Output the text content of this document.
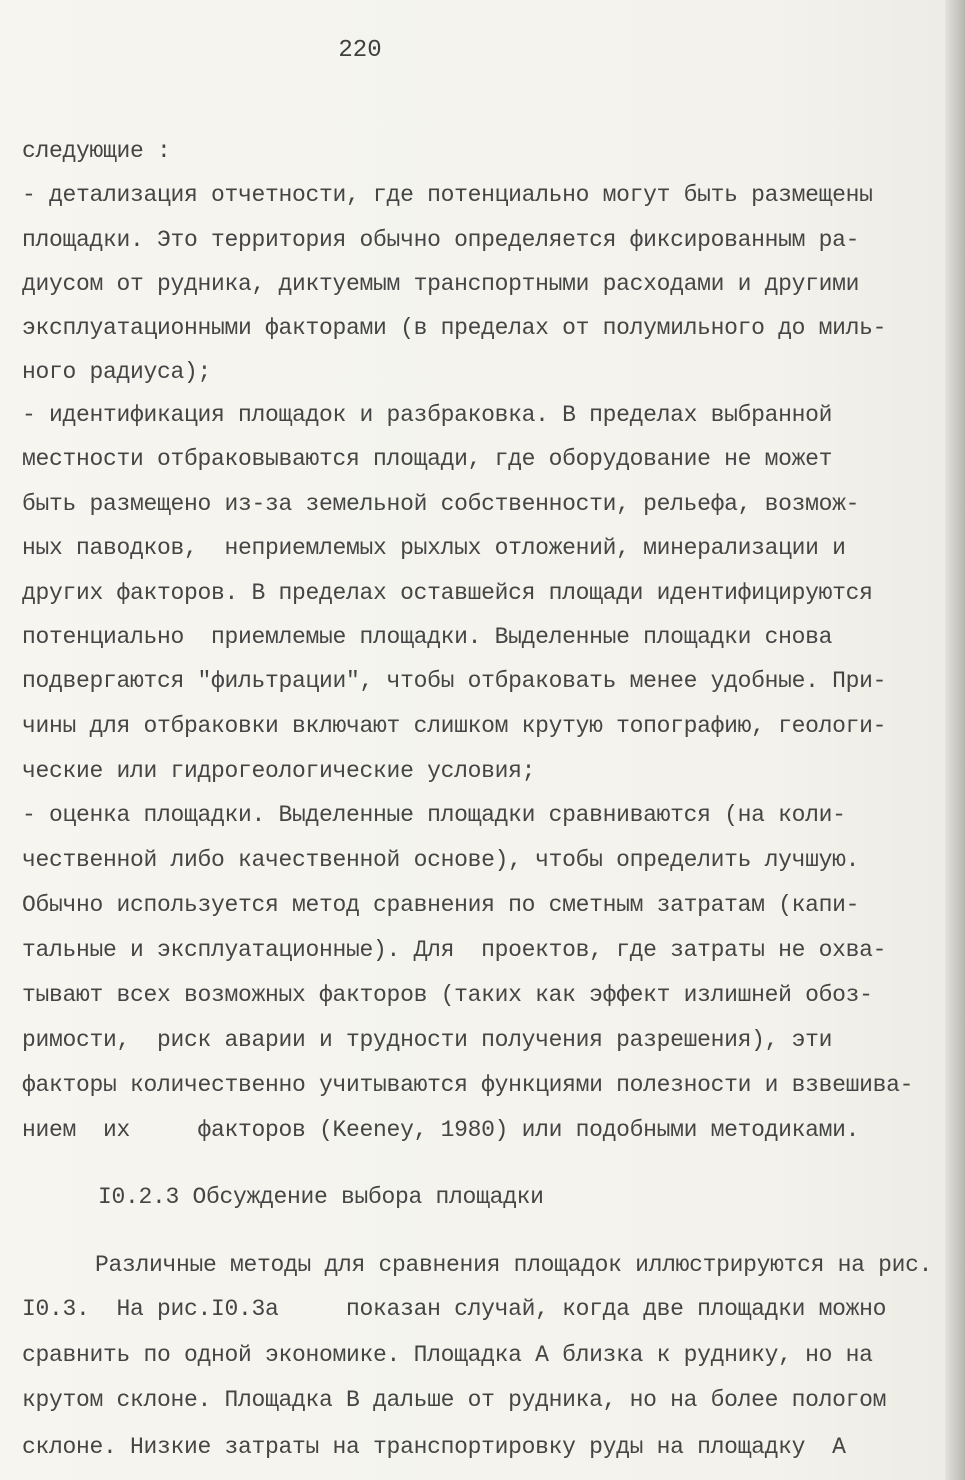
220
следующие :
- детализация отчетности, где потенциально могут быть размещены
площадки. Это территория обычно определяется фиксированным ра-
диусом от рудника, диктуемым транспортными расходами и другими
эксплуатационными факторами (в пределах от полумильного до миль-
ного радиуса);
- идентификация площадок и разбраковка. В пределах выбранной
местности отбраковываются площади, где оборудование не может
быть размещено из-за земельной собственности, рельефа, возмож-
ных паводков,  неприемлемых рыхлых отложений, минерализации и
других факторов. В пределах оставшейся площади идентифицируются
потенциально  приемлемые площадки. Выделенные площадки снова
подвергаются "фильтрации", чтобы отбраковать менее удобные. При-
чины для отбраковки включают слишком крутую топографию, геологи-
ческие или гидрогеологические условия;
- оценка площадки. Выделенные площадки сравниваются (на коли-
чественной либо качественной основе), чтобы определить лучшую.
Обычно используется метод сравнения по сметным затратам (капи-
тальные и эксплуатационные). Для  проектов, где затраты не охва-
тывают всех возможных факторов (таких как эффект излишней обоз-
римости,  риск аварии и трудности получения разрешения), эти
факторы количественно учитываются функциями полезности и взвешива-
нием  их     факторов (Keeney, 1980) или подобными методиками.
I0.2.3 Обсуждение выбора площадки
Различные методы для сравнения площадок иллюстрируются на рис.
I0.3.  На рис.I0.3а     показан случай, когда две площадки можно
сравнить по одной экономике. Площадка А близка к руднику, но на
крутом склоне. Площадка В дальше от рудника, но на более пологом
склоне. Низкие затраты на транспортировку руды на площадку  А
